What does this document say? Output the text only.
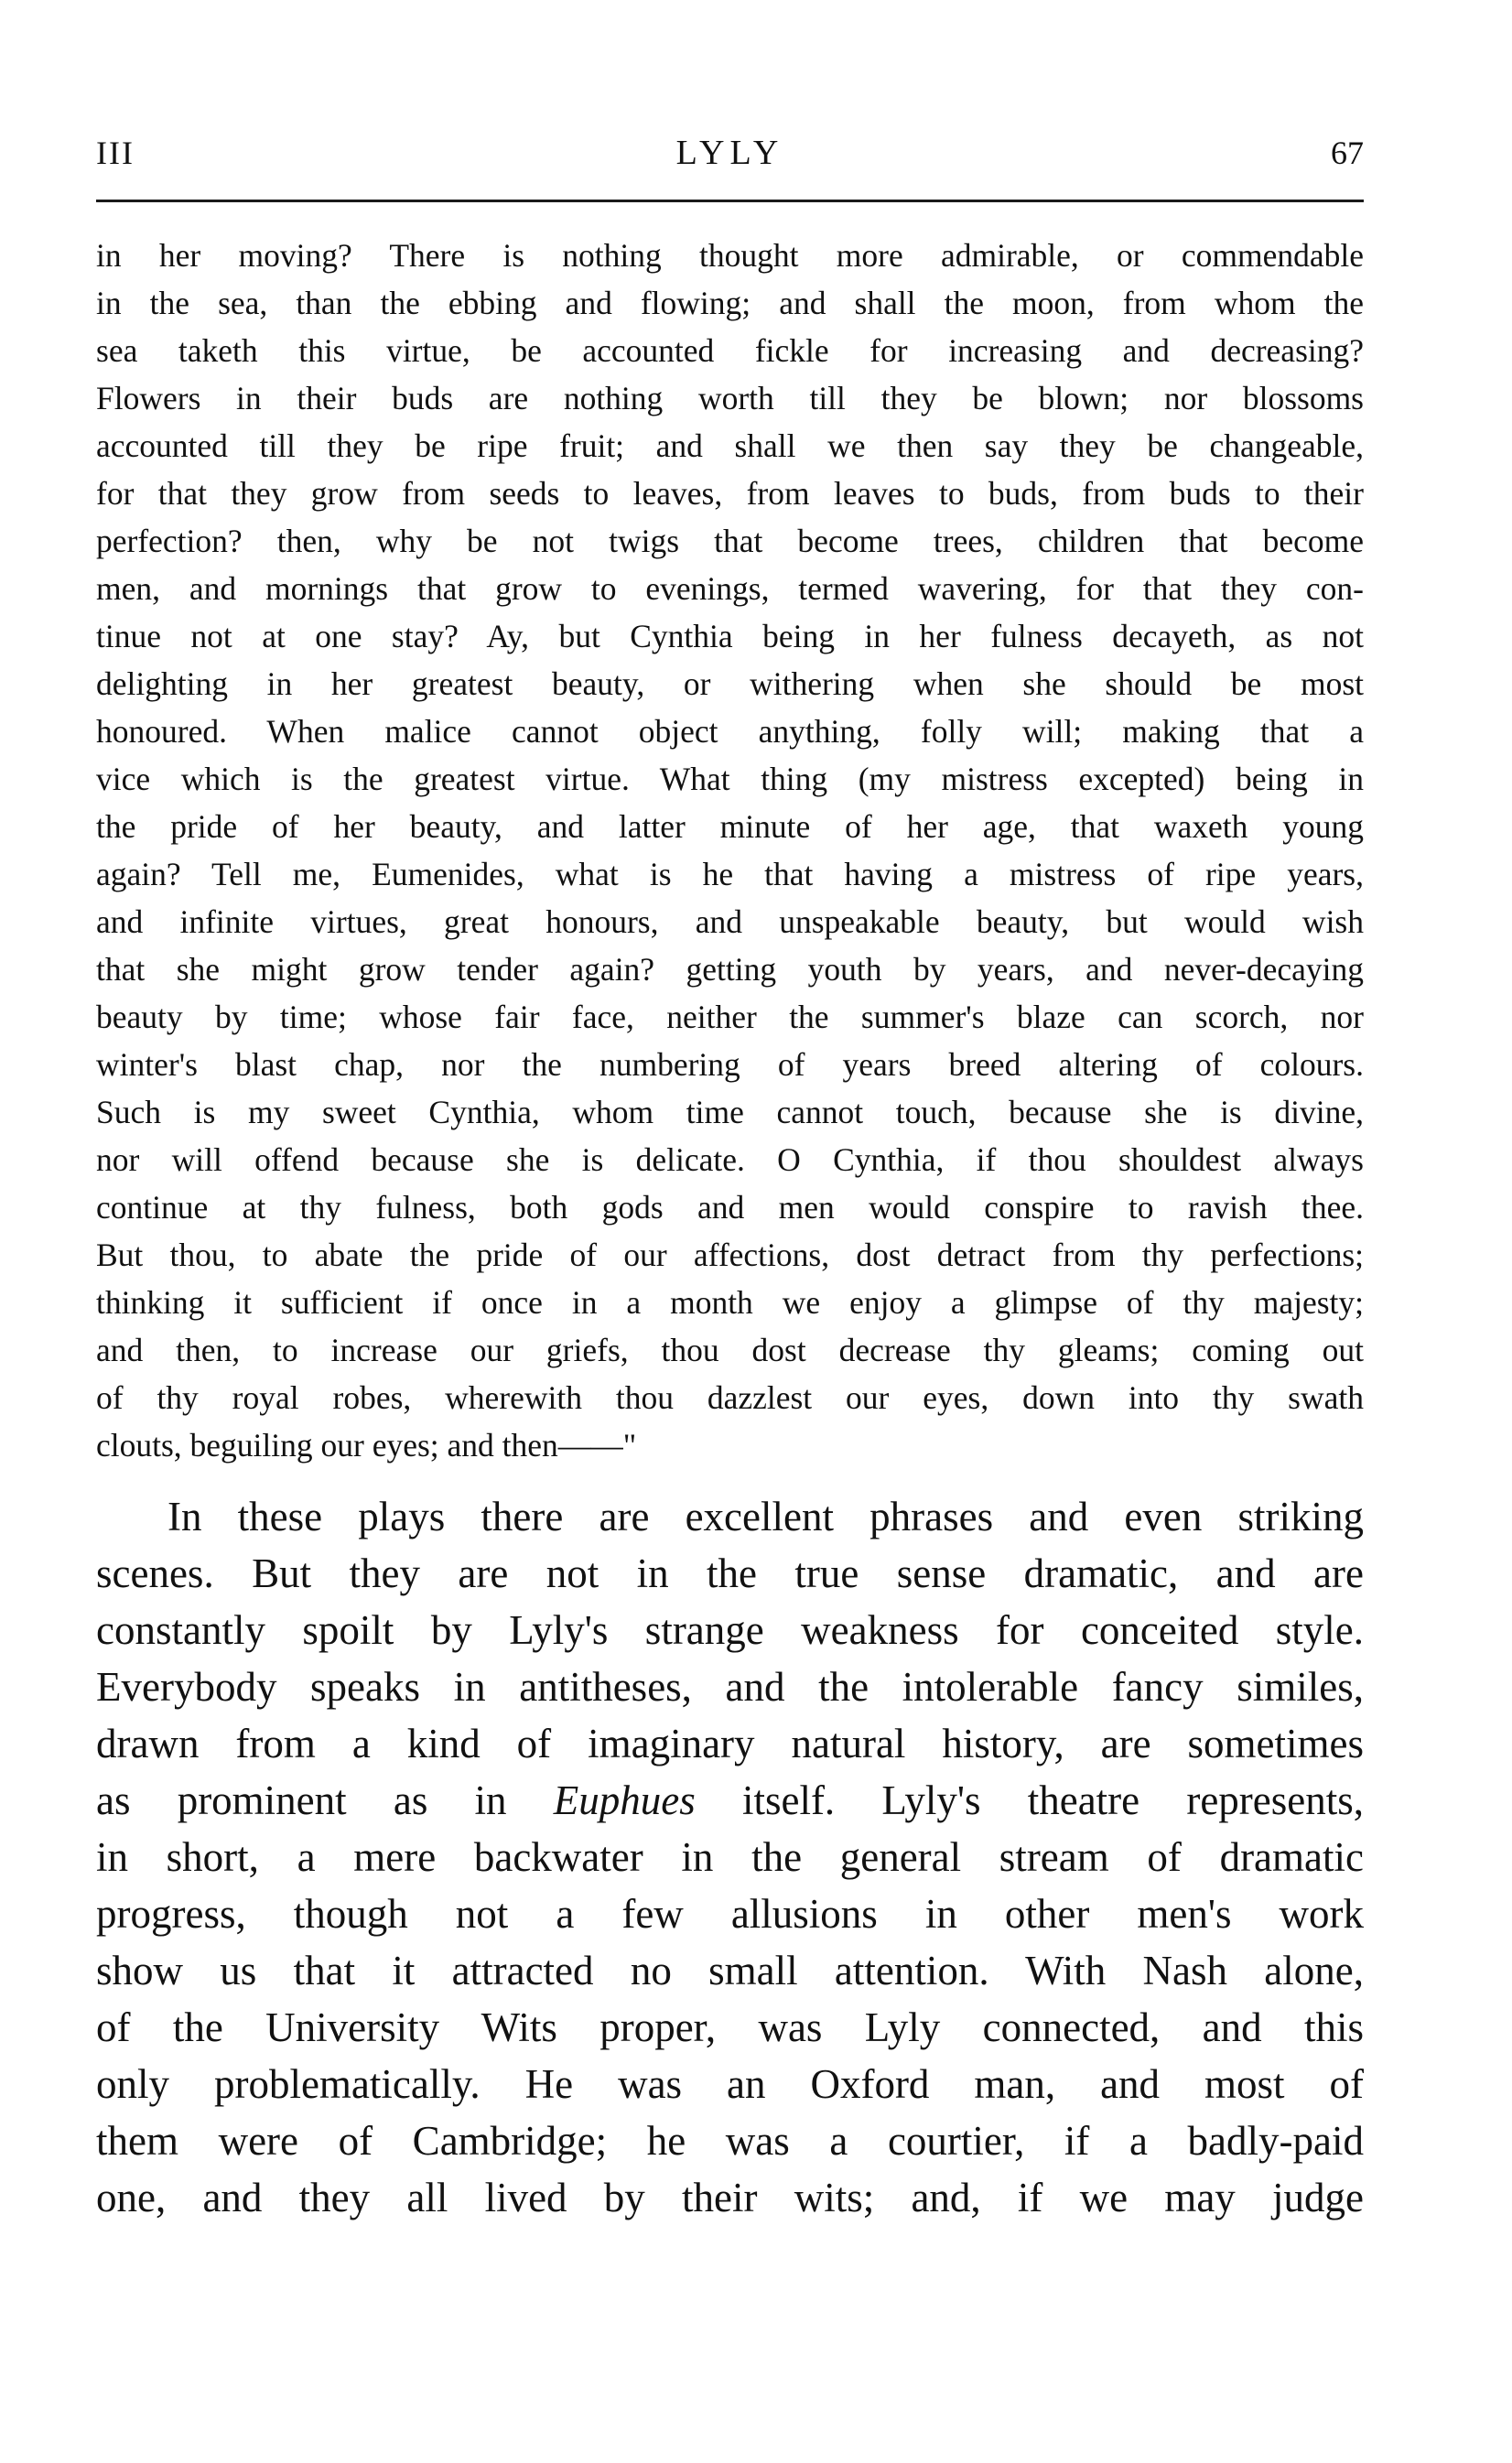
III	LYLY	67
in her moving? There is nothing thought more admirable, or commendable
in the sea, than the ebbing and flowing; and shall the moon, from whom the
sea taketh this virtue, be accounted fickle for increasing and decreasing?
Flowers in their buds are nothing worth till they be blown; nor blossoms
accounted till they be ripe fruit; and shall we then say they be changeable,
for that they grow from seeds to leaves, from leaves to buds, from buds to their
perfection? then, why be not twigs that become trees, children that become
men, and mornings that grow to evenings, termed wavering, for that they con-
tinue not at one stay? Ay, but Cynthia being in her fulness decayeth, as not
delighting in her greatest beauty, or withering when she should be most
honoured. When malice cannot object anything, folly will; making that a
vice which is the greatest virtue. What thing (my mistress excepted) being in
the pride of her beauty, and latter minute of her age, that waxeth young
again? Tell me, Eumenides, what is he that having a mistress of ripe years,
and infinite virtues, great honours, and unspeakable beauty, but would wish
that she might grow tender again? getting youth by years, and never-decaying
beauty by time; whose fair face, neither the summer's blaze can scorch, nor
winter's blast chap, nor the numbering of years breed altering of colours.
Such is my sweet Cynthia, whom time cannot touch, because she is divine,
nor will offend because she is delicate. O Cynthia, if thou shouldest always
continue at thy fulness, both gods and men would conspire to ravish thee.
But thou, to abate the pride of our affections, dost detract from thy perfections;
thinking it sufficient if once in a month we enjoy a glimpse of thy majesty;
and then, to increase our griefs, thou dost decrease thy gleams; coming out
of thy royal robes, wherewith thou dazzlest our eyes, down into thy swath
clouts, beguiling our eyes; and then——"
In these plays there are excellent phrases and even striking
scenes. But they are not in the true sense dramatic, and are
constantly spoilt by Lyly's strange weakness for conceited style.
Everybody speaks in antitheses, and the intolerable fancy similes,
drawn from a kind of imaginary natural history, are sometimes
as prominent as in Euphues itself. Lyly's theatre represents,
in short, a mere backwater in the general stream of dramatic
progress, though not a few allusions in other men's work
show us that it attracted no small attention. With Nash alone,
of the University Wits proper, was Lyly connected, and this
only problematically. He was an Oxford man, and most of
them were of Cambridge; he was a courtier, if a badly-paid
one, and they all lived by their wits; and, if we may judge
